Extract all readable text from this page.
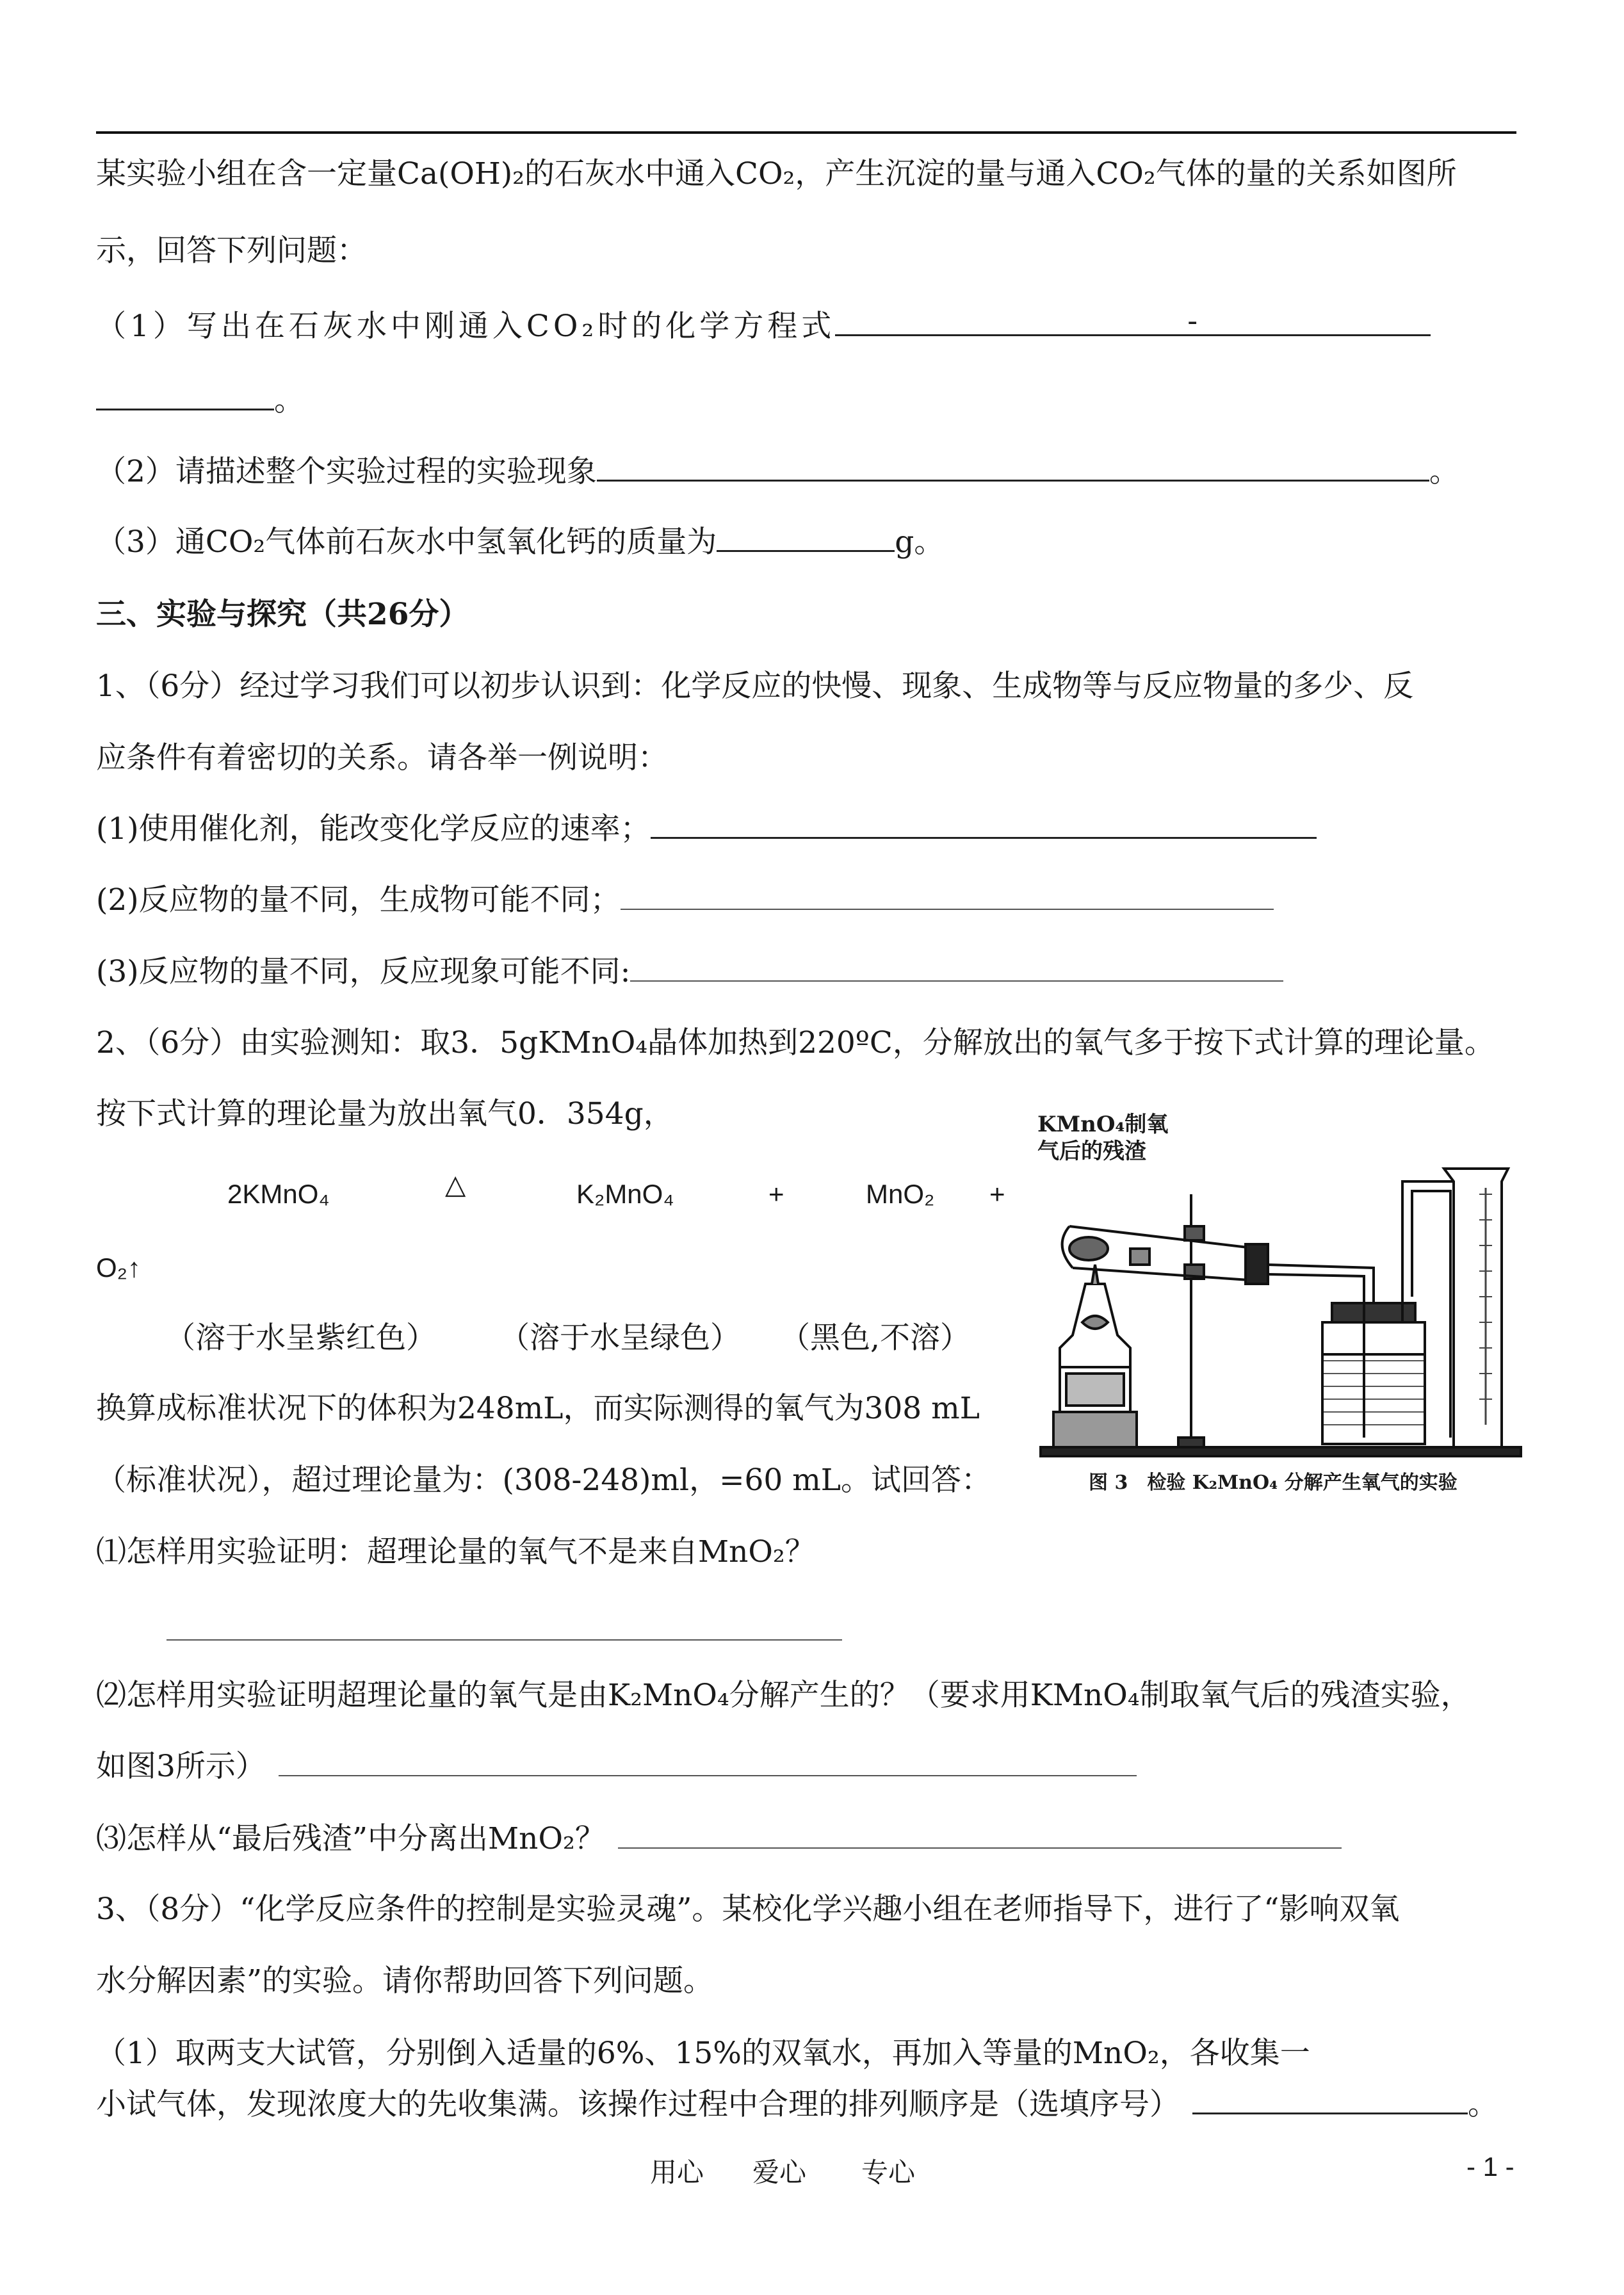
某实验小组在含一定量Ca(OH)₂的石灰水中通入CO₂，产生沉淀的量与通入CO₂气体的量的关系如图所
示，回答下列问题：
（1）写出在石灰水中刚通入CO₂时的化学方程式	-
。
（2）请描述整个实验过程的实验现象	。
（3）通CO₂气体前石灰水中氢氧化钙的质量为	g。
三、实验与探究（共26分）
1、（6分）经过学习我们可以初步认识到：化学反应的快慢、现象、生成物等与反应物量的多少、反
应条件有着密切的关系。请各举一例说明：
(1)使用催化剂，能改变化学反应的速率；
(2)反应物的量不同，生成物可能不同；
(3)反应物的量不同，反应现象可能不同:
2、（6分）由实验测知：取3．5gKMnO₄晶体加热到220ºC，分解放出的氧气多于按下式计算的理论量。
按下式计算的理论量为放出氧气0．354g，
2KMnO₄	△	K₂MnO₄	+	MnO₂ +
O₂↑
（溶于水呈紫红色） （溶于水呈绿色） （黑色,不溶）
换算成标准状况下的体积为248mL，而实际测得的氧气为308 mL
（标准状况），超过理论量为：(308-248)ml，=60 mL。试回答：
⑴怎样用实验证明：超理论量的氧气不是来自MnO₂？
⑵怎样用实验证明超理论量的氧气是由K₂MnO₄分解产生的？（要求用KMnO₄制取氧气后的残渣实验，
如图3所示）
⑶怎样从“最后残渣”中分离出MnO₂？
3、（8分）“化学反应条件的控制是实验灵魂”。某校化学兴趣小组在老师指导下，进行了“影响双氧
水分解因素”的实验。请你帮助回答下列问题。
（1）取两支大试管，分别倒入适量的6%、15%的双氧水，再加入等量的MnO₂，各收集一
小试气体，发现浓度大的先收集满。该操作过程中合理的排列顺序是（选填序号）	。
KMnO₄制氧
气后的残渣
图 3　检验 K₂MnO₄ 分解产生氧气的实验
用心 爱心 专心	- 1 -
